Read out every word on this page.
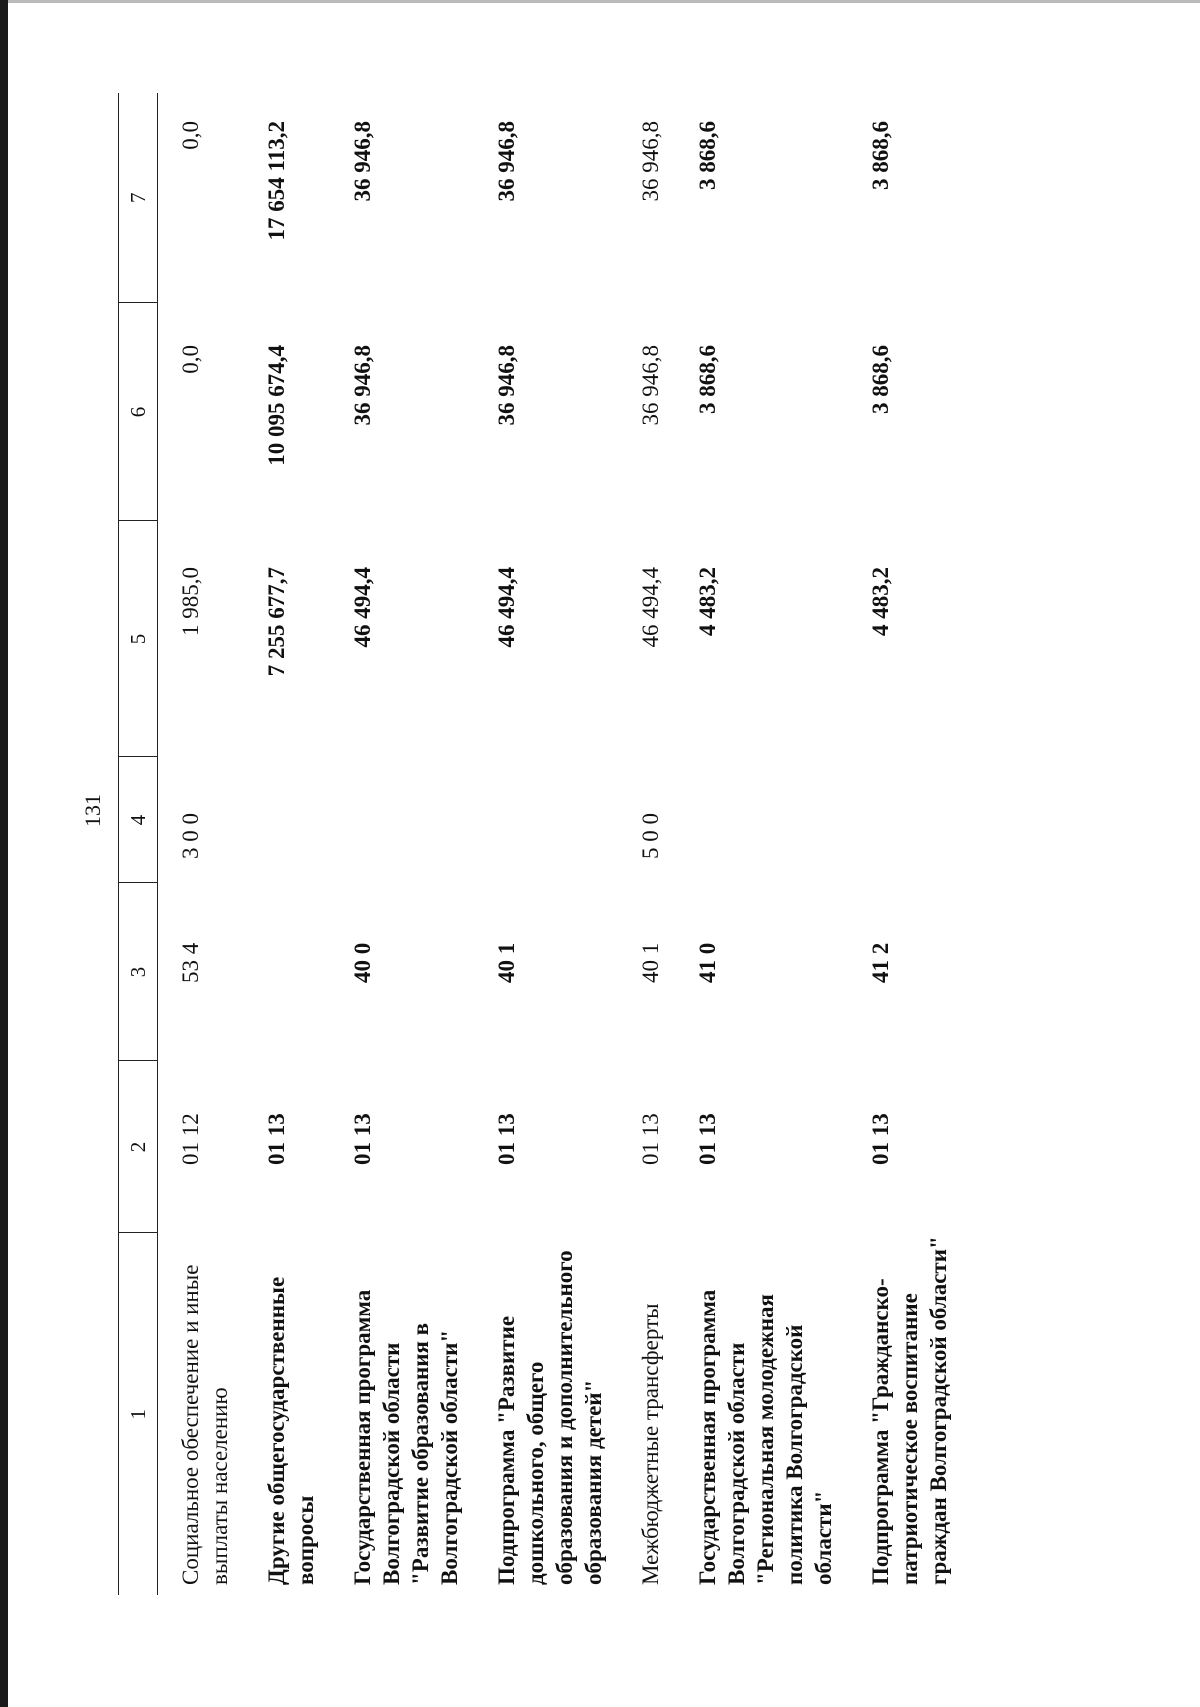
131
1	2	3	4	5	6	7
Социальное обеспечение и иные выплаты населению	01 12	53 4	3 0 0	1 985,0	0,0	0,0
Другие общегосударственные вопросы	01 13			7 255 677,7	10 095 674,4	17 654 113,2
Государственная программа Волгоградской области "Развитие образования в Волгоградской области"	01 13	40 0		46 494,4	36 946,8	36 946,8
Подпрограмма "Развитие дошкольного, общего образования и дополнительного образования детей"	01 13	40 1		46 494,4	36 946,8	36 946,8
Межбюджетные трансферты	01 13	40 1	5 0 0	46 494,4	36 946,8	36 946,8
Государственная программа Волгоградской области "Региональная молодежная политика Волгоградской области"	01 13	41 0		4 483,2	3 868,6	3 868,6
Подпрограмма "Гражданско-патриотическое воспитание граждан Волгоградской области"	01 13	41 2		4 483,2	3 868,6	3 868,6
